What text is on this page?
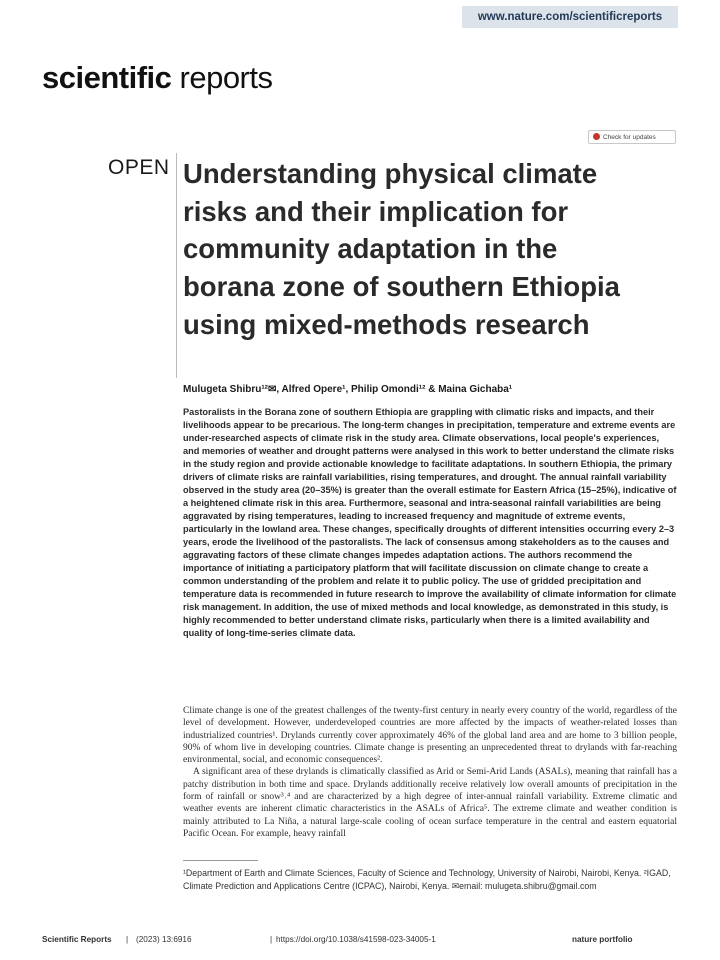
www.nature.com/scientificreports
scientific reports
Check for updates
OPEN Understanding physical climate risks and their implication for community adaptation in the borana zone of southern Ethiopia using mixed-methods research
Mulugeta Shibru¹²✉, Alfred Opere¹, Philip Omondi¹² & Maina Gichaba¹

Pastoralists in the Borana zone of southern Ethiopia are grappling with climatic risks and impacts, and their livelihoods appear to be precarious. The long-term changes in precipitation, temperature and extreme events are under-researched aspects of climate risk in the study area. Climate observations, local people's experiences, and memories of weather and drought patterns were analysed in this work to better understand the climate risks in the study region and provide actionable knowledge to facilitate adaptations. In southern Ethiopia, the primary drivers of climate risks are rainfall variabilities, rising temperatures, and drought. The annual rainfall variability observed in the study area (20–35%) is greater than the overall estimate for Eastern Africa (15–25%), indicative of a heightened climate risk in this area. Furthermore, seasonal and intra-seasonal rainfall variabilities are being aggravated by rising temperatures, leading to increased frequency and magnitude of extreme events, particularly in the lowland area. These changes, specifically droughts of different intensities occurring every 2–3 years, erode the livelihood of the pastoralists. The lack of consensus among stakeholders as to the causes and aggravating factors of these climate changes impedes adaptation actions. The authors recommend the importance of initiating a participatory platform that will facilitate discussion on climate change to create a common understanding of the problem and relate it to public policy. The use of gridded precipitation and temperature data is recommended in future research to improve the availability of climate information for climate risk management. In addition, the use of mixed methods and local knowledge, as demonstrated in this study, is highly recommended to better understand climate risks, particularly when there is a limited availability and quality of long-time-series climate data.

Climate change is one of the greatest challenges of the twenty-first century in nearly every country of the world, regardless of the level of development. However, underdeveloped countries are more affected by the impacts of weather-related losses than industrialized countries¹. Drylands currently cover approximately 46% of the global land area and are home to 3 billion people, 90% of whom live in developing countries. Climate change is presenting an unprecedented threat to drylands with far-reaching environmental, social, and economic consequences².

A significant area of these drylands is climatically classified as Arid or Semi-Arid Lands (ASALs), meaning that rainfall has a patchy distribution in both time and space. Drylands additionally receive relatively low overall amounts of precipitation in the form of rainfall or snow³˒⁴ and are characterized by a high degree of inter-annual rainfall variability. Extreme climatic and weather events are inherent climatic characteristics in the ASALs of Africa⁵. The extreme climate and weather condition is mainly attributed to La Niña, a natural large-scale cooling of ocean surface temperature in the central and eastern equatorial Pacific Ocean. For example, heavy rainfall

¹Department of Earth and Climate Sciences, Faculty of Science and Technology, University of Nairobi, Nairobi, Kenya. ²IGAD, Climate Prediction and Applications Centre (ICPAC), Nairobi, Kenya. ✉email: mulugeta.shibru@gmail.com

Scientific Reports | (2023) 13:6916	| https://doi.org/10.1038/s41598-023-34005-1	nature portfolio
